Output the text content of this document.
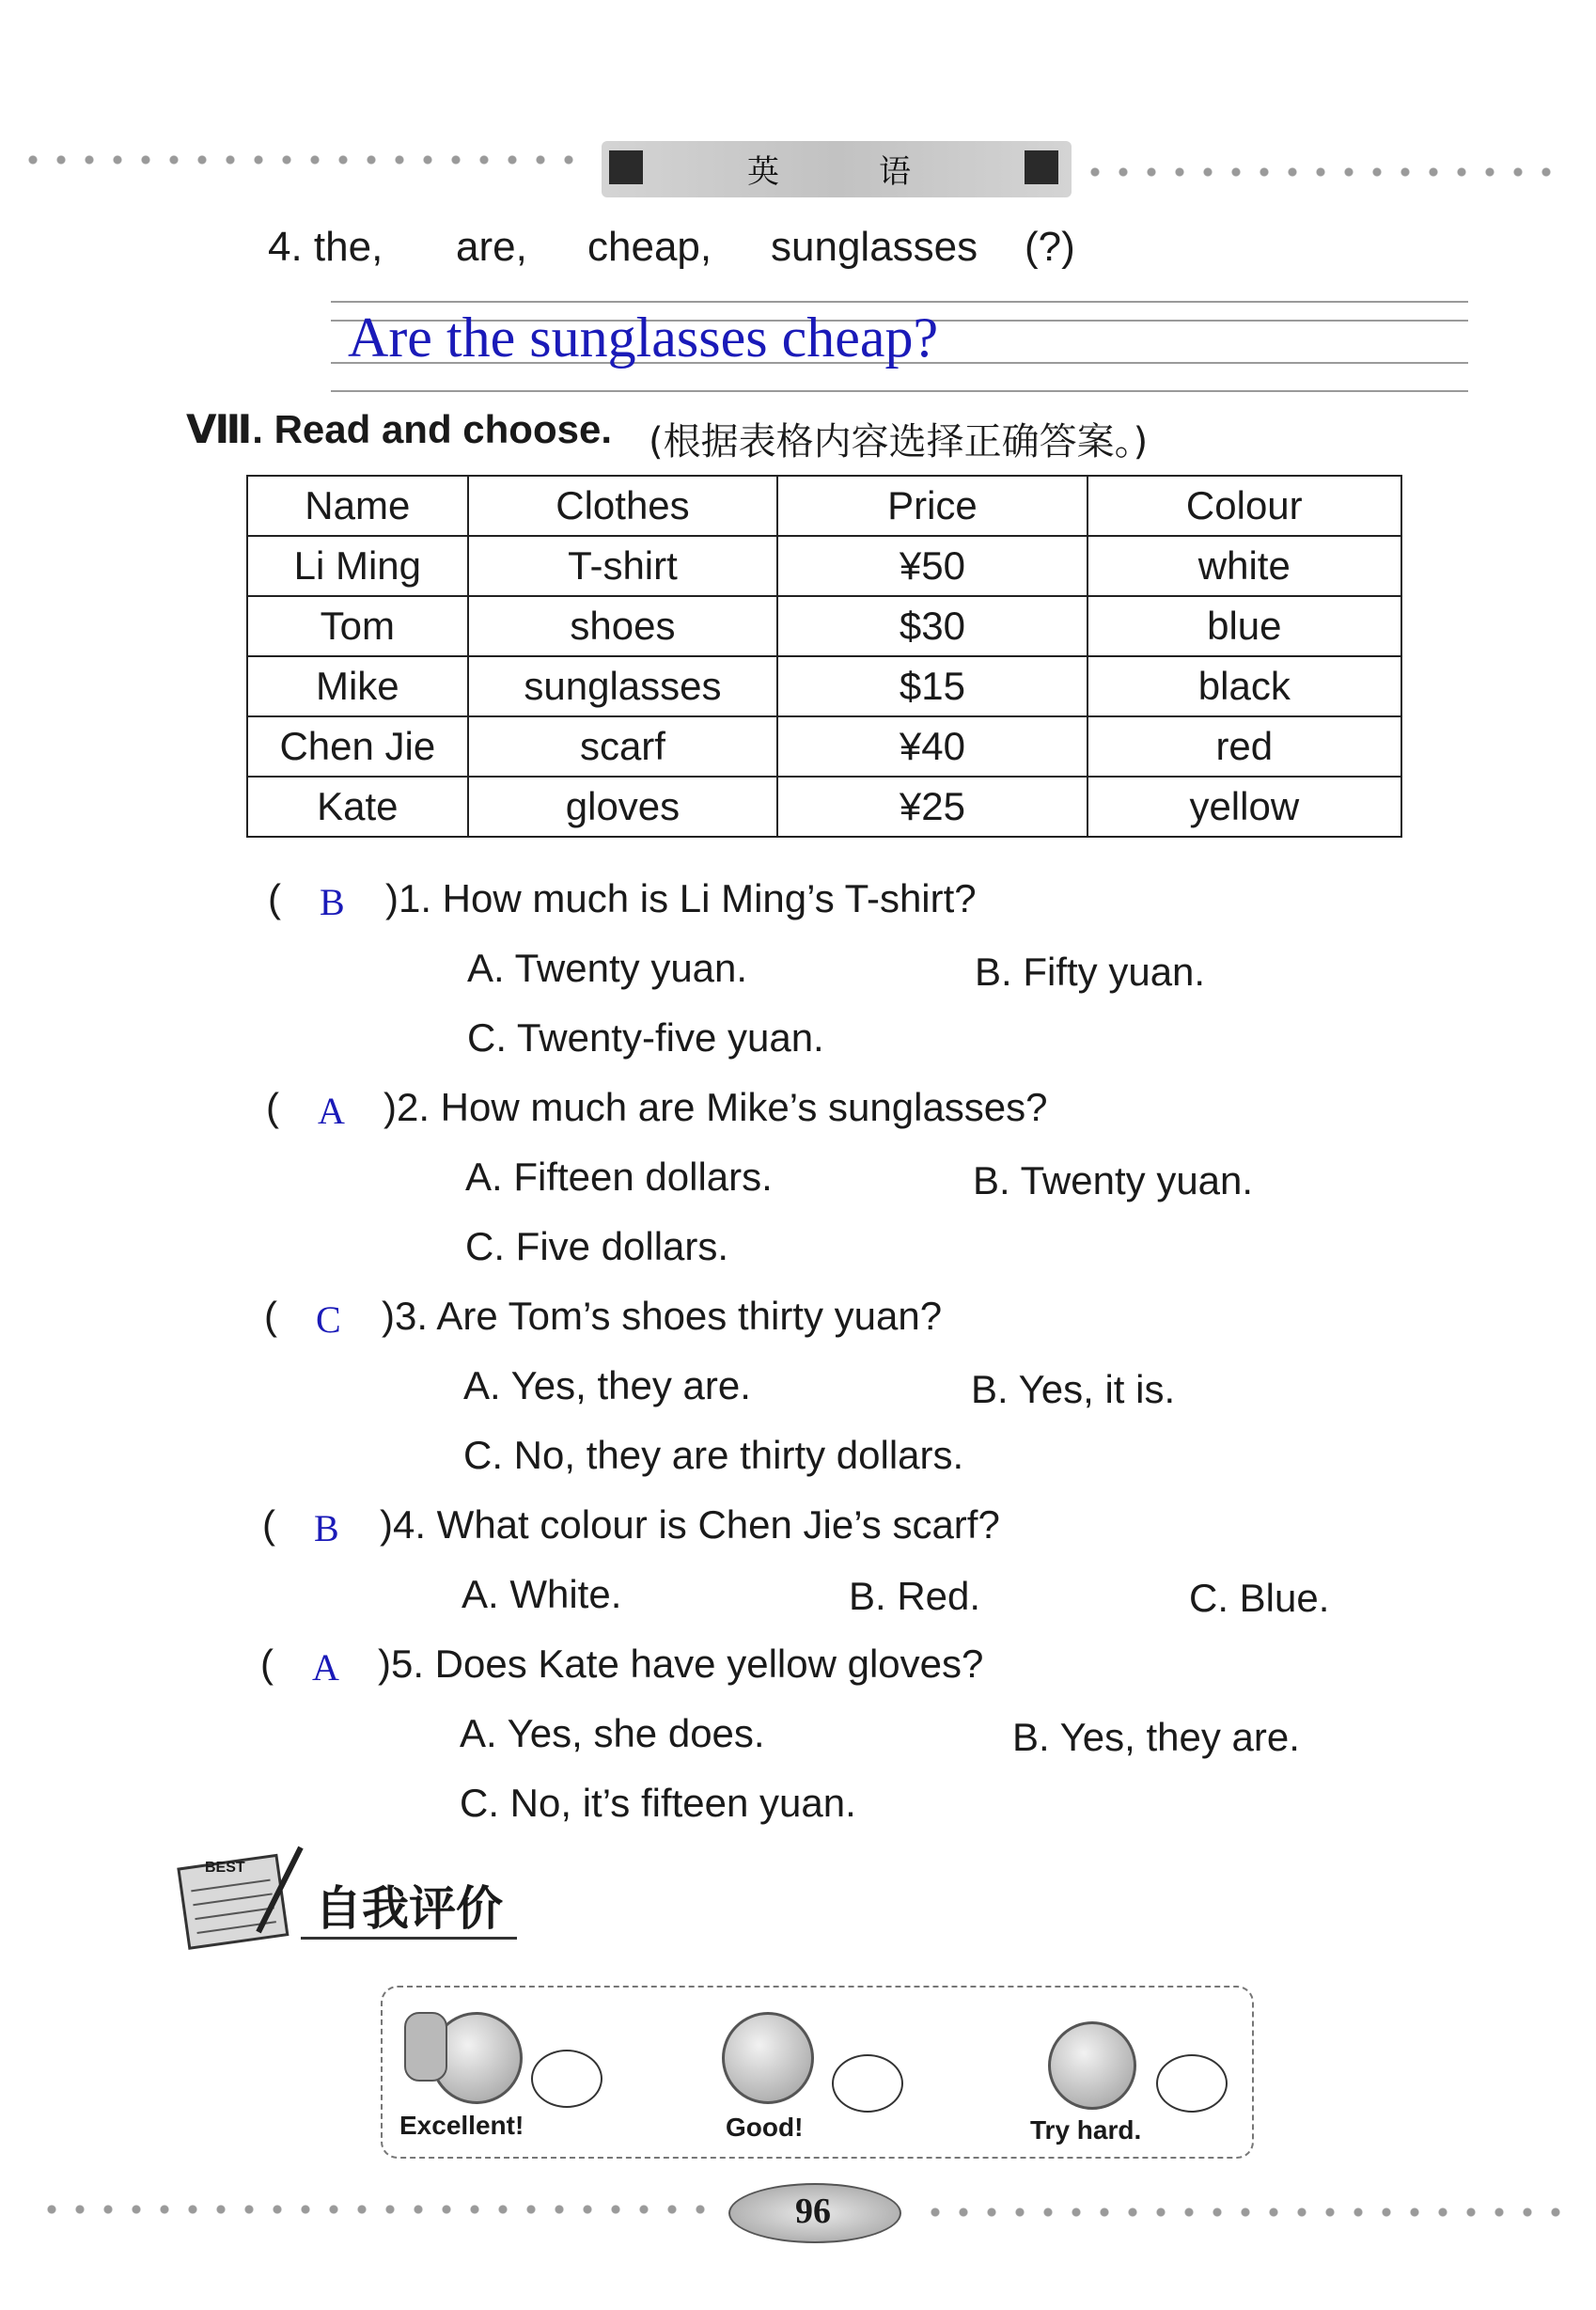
英	语
4. the, are, cheap, sunglasses (?)
Are the sunglasses cheap?
Ⅷ. Read and choose. (根据表格内容选择正确答案。)
Name	Clothes	Price	Colour
Li Ming	T-shirt	¥50	white
Tom	shoes	$30	blue
Mike	sunglasses	$15	black
Chen Jie	scarf	¥40	red
Kate	gloves	¥25	yellow
( B )1. How much is Li Ming’s T-shirt?
A. Twenty yuan.	B. Fifty yuan.
C. Twenty-five yuan.
( A )2. How much are Mike’s sunglasses?
A. Fifteen dollars.	B. Twenty yuan.
C. Five dollars.
( C )3. Are Tom’s shoes thirty yuan?
A. Yes, they are.	B. Yes, it is.
C. No, they are thirty dollars.
( B )4. What colour is Chen Jie’s scarf?
A. White.	B. Red.	C. Blue.
( A )5. Does Kate have yellow gloves?
A. Yes, she does.	B. Yes, they are.
C. No, it’s fifteen yuan.
BEST
自我评价
Excellent!	Good!	Try hard.
96
